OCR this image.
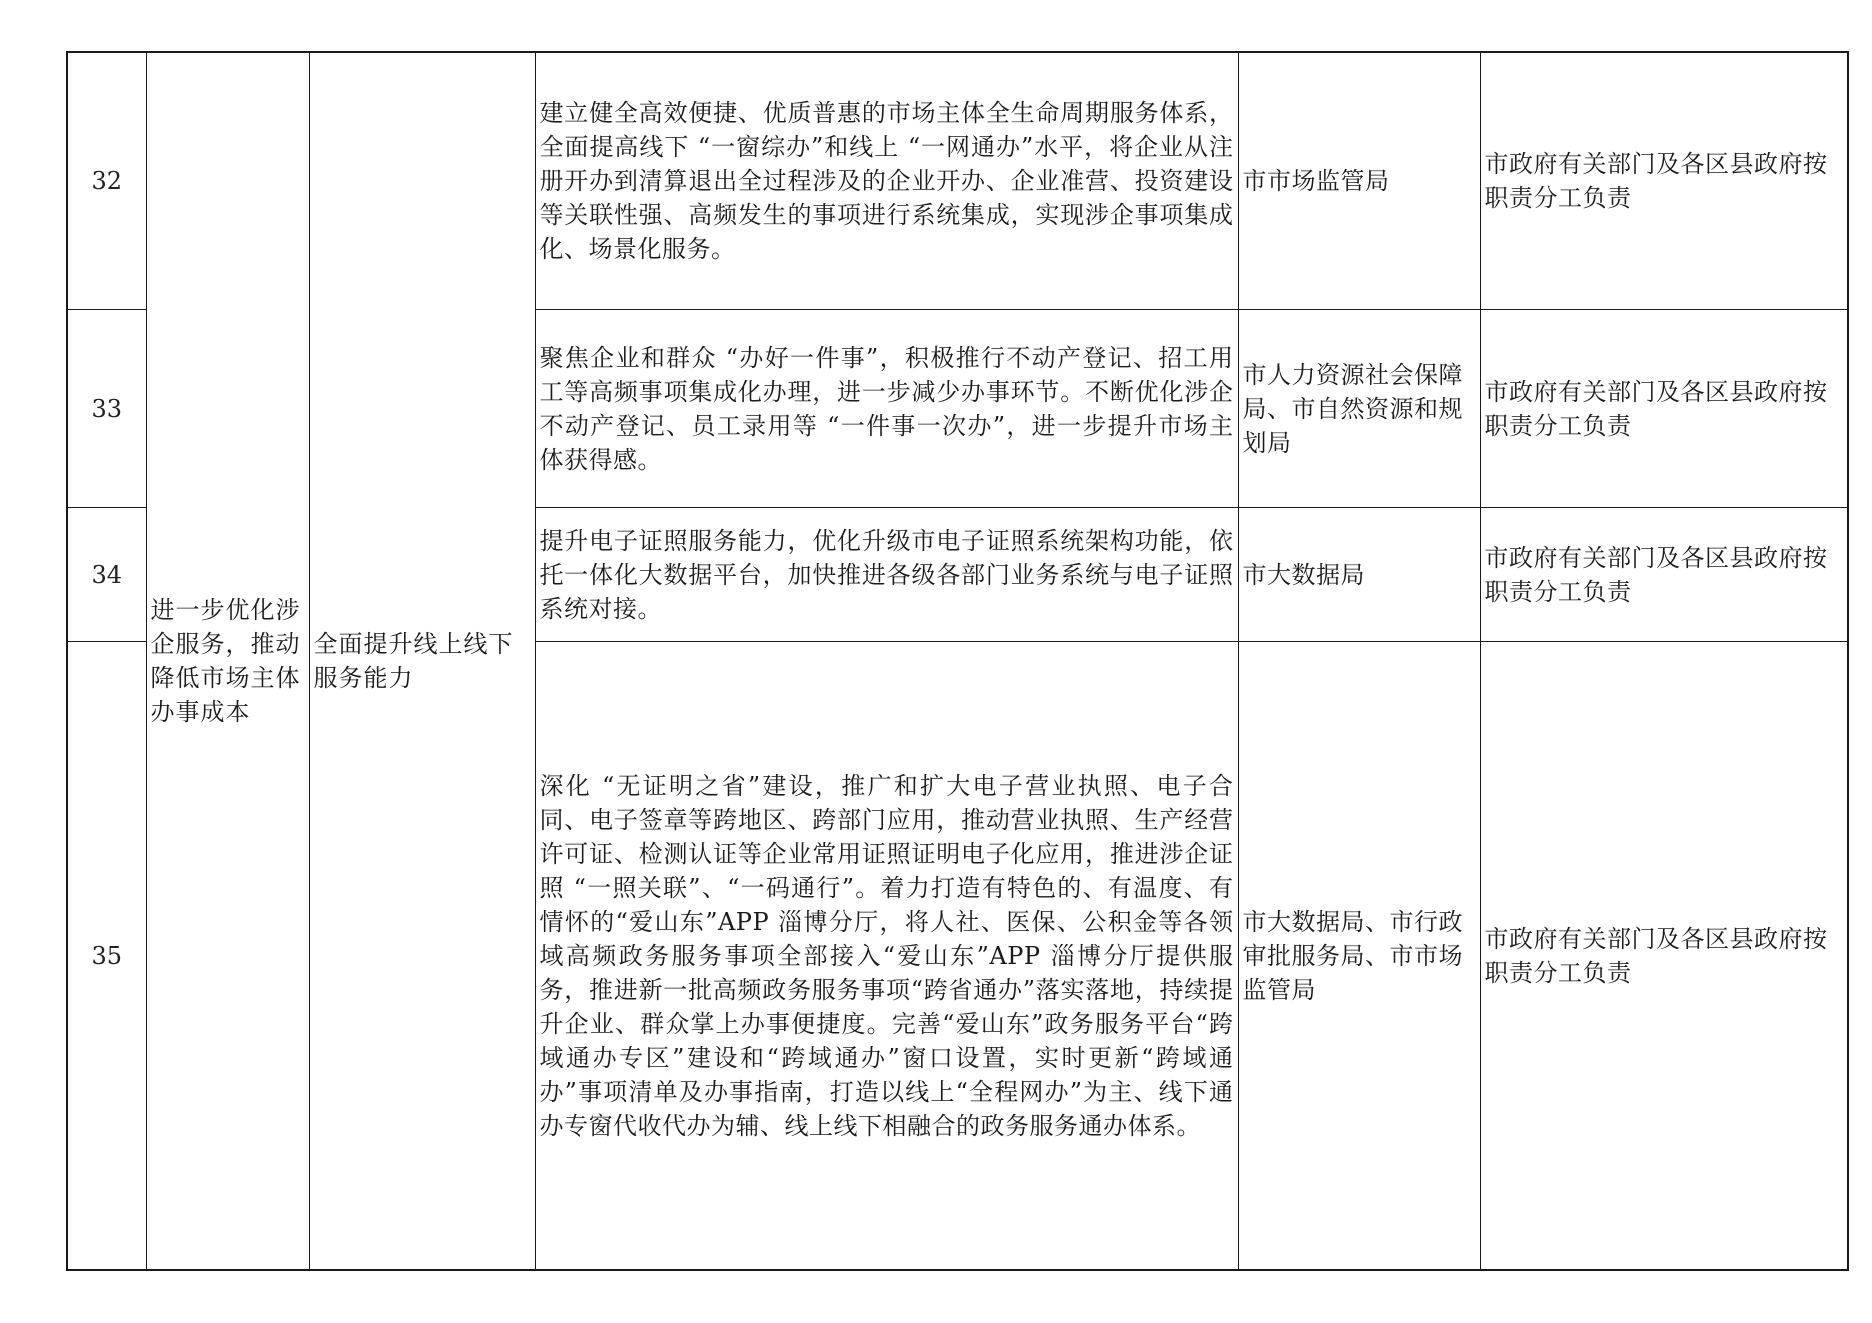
32	进一步优化涉企服务，推动降低市场主体办事成本	全面提升线上线下服务能力	建立健全高效便捷、优质普惠的市场主体全生命周期服务体系，全面提高线下 “一窗综办”和线上 “一网通办”水平，将企业从注册开办到清算退出全过程涉及的企业开办、企业准营、投资建设等关联性强、高频发生的事项进行系统集成，实现涉企事项集成化、场景化服务。	市市场监管局	市政府有关部门及各区县政府按职责分工负责
33			聚焦企业和群众 “办好一件事”，积极推行不动产登记、招工用工等高频事项集成化办理，进一步减少办事环节。不断优化涉企不动产登记、员工录用等 “一件事一次办”，进一步提升市场主体获得感。	市人力资源社会保障局、市自然资源和规划局	市政府有关部门及各区县政府按职责分工负责
34			提升电子证照服务能力，优化升级市电子证照系统架构功能，依托一体化大数据平台，加快推进各级各部门业务系统与电子证照系统对接。	市大数据局	市政府有关部门及各区县政府按职责分工负责
35			深化 “无证明之省”建设，推广和扩大电子营业执照、电子合同、电子签章等跨地区、跨部门应用，推动营业执照、生产经营许可证、检测认证等企业常用证照证明电子化应用，推进涉企证照 “一照关联”、“一码通行”。着力打造有特色的、有温度、有情怀的“爱山东”APP 淄博分厅，将人社、医保、公积金等各领域高频政务服务事项全部接入“爱山东”APP 淄博分厅提供服务，推进新一批高频政务服务事项“跨省通办”落实落地，持续提升企业、群众掌上办事便捷度。完善“爱山东”政务服务平台“跨域通办专区”建设和“跨域通办”窗口设置，实时更新“跨域通办”事项清单及办事指南，打造以线上“全程网办”为主、线下通办专窗代收代办为辅、线上线下相融合的政务服务通办体系。	市大数据局、市行政审批服务局、市市场监管局	市政府有关部门及各区县政府按职责分工负责
